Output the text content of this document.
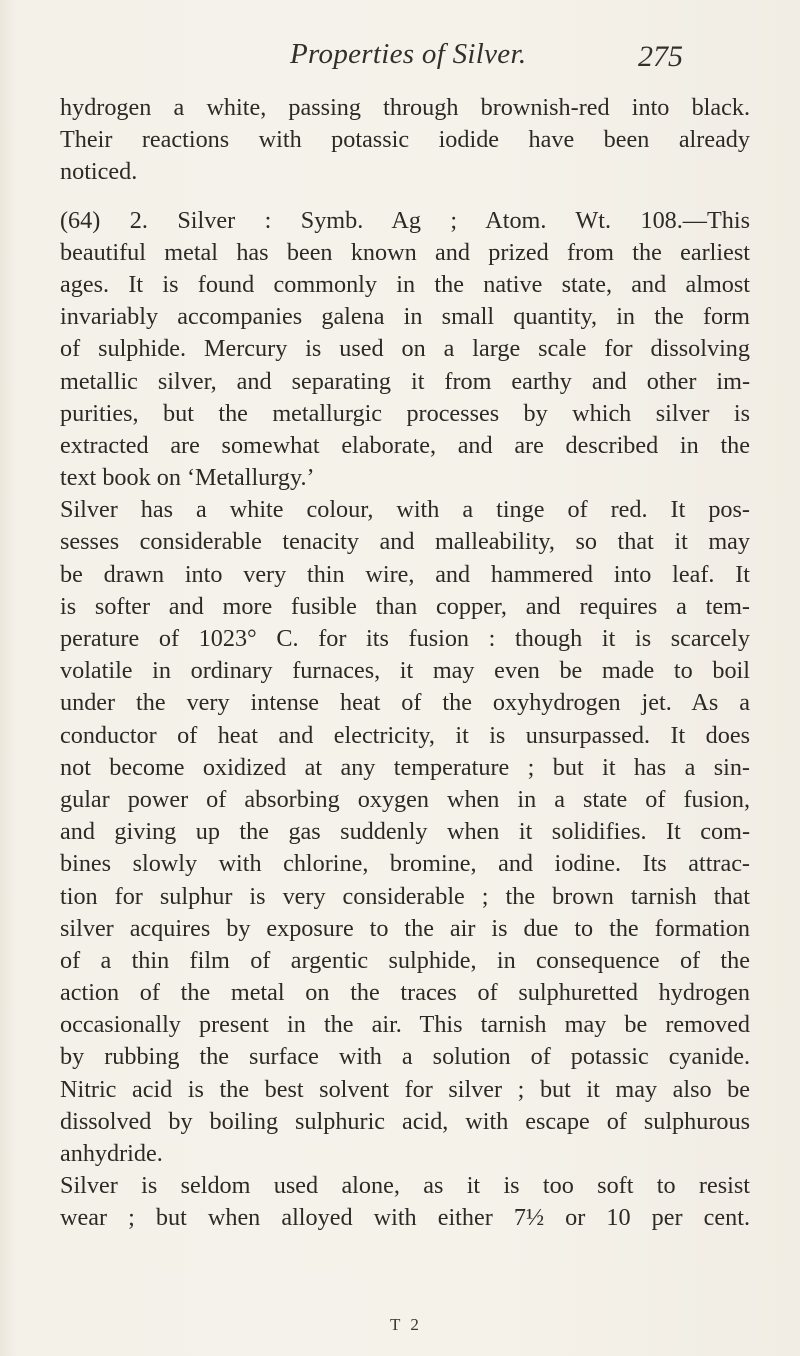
Properties of Silver.	275
hydrogen a white, passing through brownish-red into black.
Their reactions with potassic iodide have been already
noticed.
(64) 2. Silver : Symb. Ag ; Atom. Wt. 108.—This
beautiful metal has been known and prized from the earliest
ages. It is found commonly in the native state, and almost
invariably accompanies galena in small quantity, in the form
of sulphide. Mercury is used on a large scale for dissolving
metallic silver, and separating it from earthy and other im-
purities, but the metallurgic processes by which silver is
extracted are somewhat elaborate, and are described in the
text book on ‘Metallurgy.’
Silver has a white colour, with a tinge of red. It pos-
sesses considerable tenacity and malleability, so that it may
be drawn into very thin wire, and hammered into leaf. It
is softer and more fusible than copper, and requires a tem-
perature of 1023° C. for its fusion : though it is scarcely
volatile in ordinary furnaces, it may even be made to boil
under the very intense heat of the oxyhydrogen jet. As a
conductor of heat and electricity, it is unsurpassed. It does
not become oxidized at any temperature ; but it has a sin-
gular power of absorbing oxygen when in a state of fusion,
and giving up the gas suddenly when it solidifies. It com-
bines slowly with chlorine, bromine, and iodine. Its attrac-
tion for sulphur is very considerable ; the brown tarnish that
silver acquires by exposure to the air is due to the formation
of a thin film of argentic sulphide, in consequence of the
action of the metal on the traces of sulphuretted hydrogen
occasionally present in the air. This tarnish may be removed
by rubbing the surface with a solution of potassic cyanide.
Nitric acid is the best solvent for silver ; but it may also be
dissolved by boiling sulphuric acid, with escape of sulphurous
anhydride.
Silver is seldom used alone, as it is too soft to resist
wear ; but when alloyed with either 7½ or 10 per cent.
T 2
